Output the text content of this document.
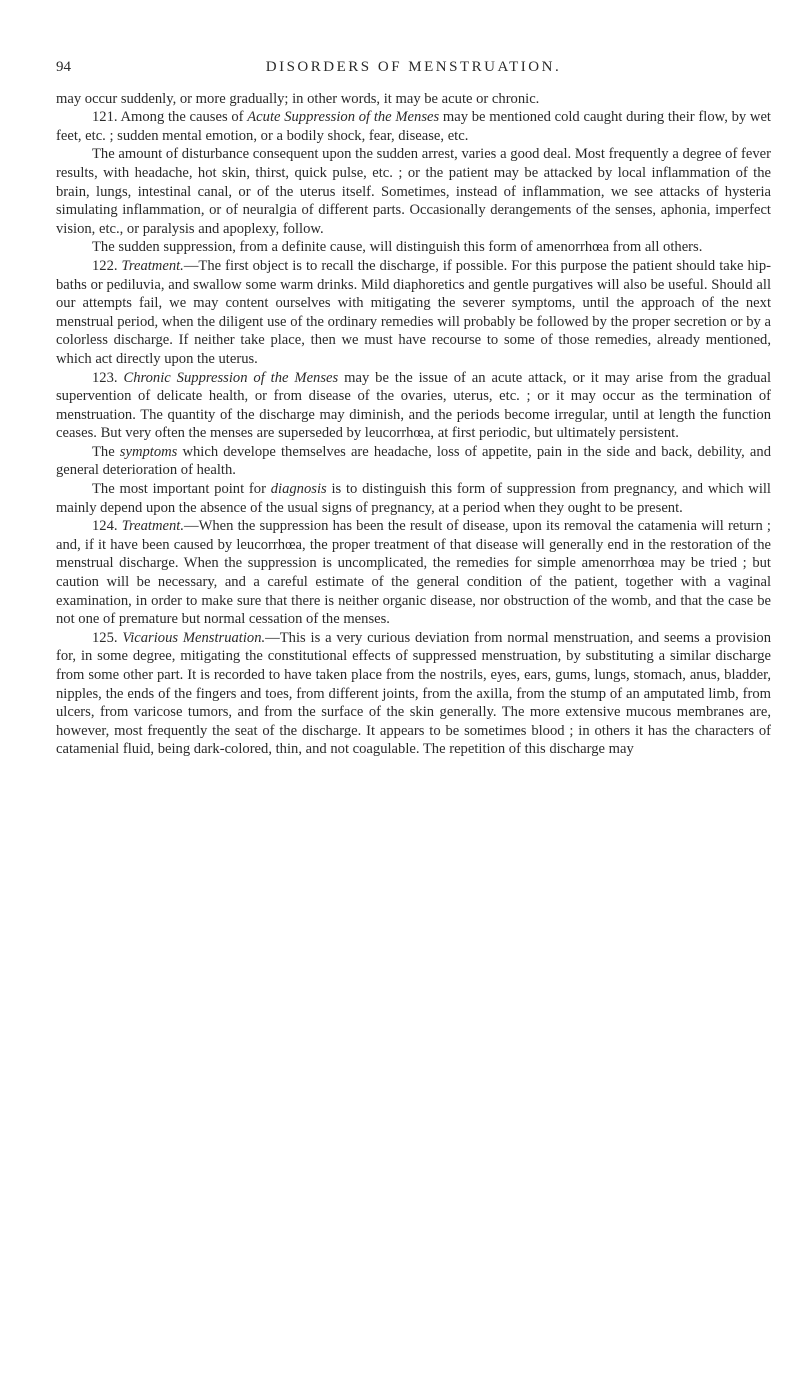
94	DISORDERS OF MENSTRUATION.

may occur suddenly, or more gradually; in other words, it may be acute or chronic.

121. Among the causes of Acute Suppression of the Menses may be mentioned cold caught during their flow, by wet feet, etc. ; sudden mental emotion, or a bodily shock, fear, disease, etc.

The amount of disturbance consequent upon the sudden arrest, varies a good deal. Most frequently a degree of fever results, with headache, hot skin, thirst, quick pulse, etc. ; or the patient may be attacked by local inflammation of the brain, lungs, intestinal canal, or of the uterus itself. Sometimes, instead of inflammation, we see attacks of hysteria simulating inflammation, or of neuralgia of different parts. Occasionally derangements of the senses, aphonia, imperfect vision, etc., or paralysis and apoplexy, follow.

The sudden suppression, from a definite cause, will distinguish this form of amenorrhœa from all others.

122. Treatment.—The first object is to recall the discharge, if possible. For this purpose the patient should take hip-baths or pediluvia, and swallow some warm drinks. Mild diaphoretics and gentle purgatives will also be useful. Should all our attempts fail, we may content ourselves with mitigating the severer symptoms, until the approach of the next menstrual period, when the diligent use of the ordinary remedies will probably be followed by the proper secretion or by a colorless discharge. If neither take place, then we must have recourse to some of those remedies, already mentioned, which act directly upon the uterus.

123. Chronic Suppression of the Menses may be the issue of an acute attack, or it may arise from the gradual supervention of delicate health, or from disease of the ovaries, uterus, etc. ; or it may occur as the termination of menstruation. The quantity of the discharge may diminish, and the periods become irregular, until at length the function ceases. But very often the menses are superseded by leucorrhœa, at first periodic, but ultimately persistent.

The symptoms which develope themselves are headache, loss of appetite, pain in the side and back, debility, and general deterioration of health.

The most important point for diagnosis is to distinguish this form of suppression from pregnancy, and which will mainly depend upon the absence of the usual signs of pregnancy, at a period when they ought to be present.

124. Treatment.—When the suppression has been the result of disease, upon its removal the catamenia will return ; and, if it have been caused by leucorrhœa, the proper treatment of that disease will generally end in the restoration of the menstrual discharge. When the suppression is uncomplicated, the remedies for simple amenorrhœa may be tried ; but caution will be necessary, and a careful estimate of the general condition of the patient, together with a vaginal examination, in order to make sure that there is neither organic disease, nor obstruction of the womb, and that the case be not one of premature but normal cessation of the menses.

125. Vicarious Menstruation.—This is a very curious deviation from normal menstruation, and seems a provision for, in some degree, mitigating the constitutional effects of suppressed menstruation, by substituting a similar discharge from some other part. It is recorded to have taken place from the nostrils, eyes, ears, gums, lungs, stomach, anus, bladder, nipples, the ends of the fingers and toes, from different joints, from the axilla, from the stump of an amputated limb, from ulcers, from varicose tumors, and from the surface of the skin generally. The more extensive mucous membranes are, however, most frequently the seat of the discharge. It appears to be sometimes blood ; in others it has the characters of catamenial fluid, being dark-colored, thin, and not coagulable. The repetition of this discharge may
